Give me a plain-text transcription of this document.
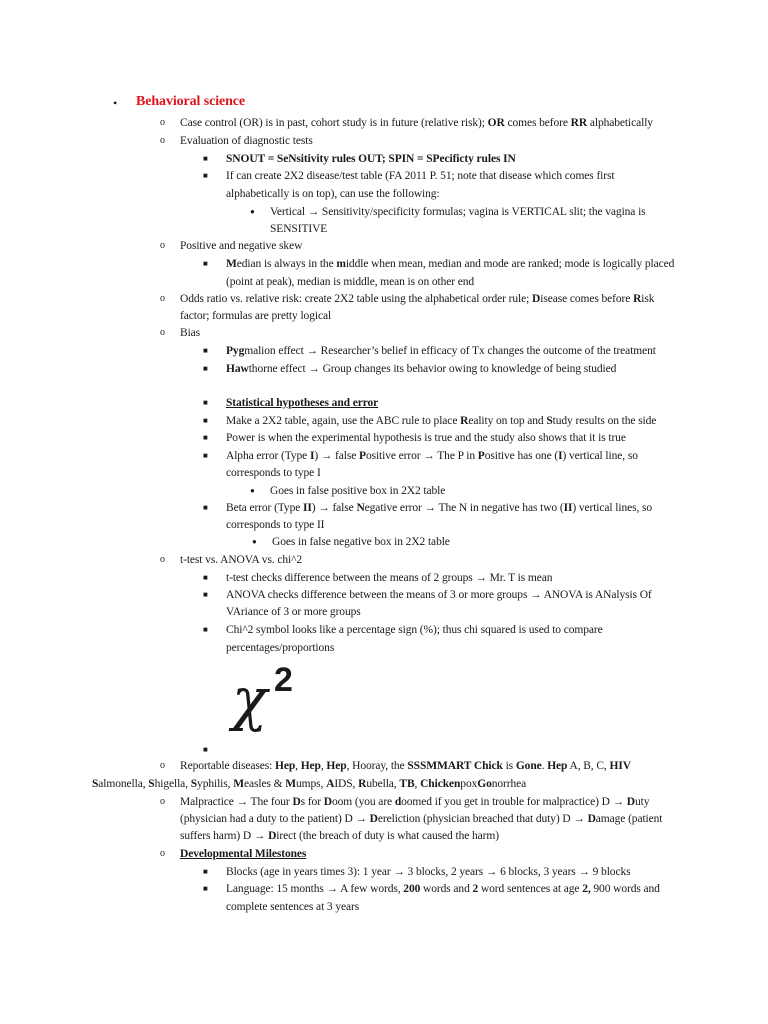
• Behavioral science
o Case control (OR) is in past, cohort study is in future (relative risk); OR comes before RR alphabetically
o Evaluation of diagnostic tests
■ SNOUT = SeNsitivity rules OUT; SPIN = SPecificty rules IN
■ If can create 2X2 disease/test table (FA 2011 P. 51; note that disease which comes first
alphabetically is on top), can use the following:
● Vertical → Sensitivity/specificity formulas; vagina is VERTICAL slit; the vagina is
SENSITIVE
o Positive and negative skew
■ Median is always in the middle when mean, median and mode are ranked; mode is logically placed
(point at peak), median is middle, mean is on other end
o Odds ratio vs. relative risk: create 2X2 table using the alphabetical order rule; Disease comes before Risk
factor; formulas are pretty logical
o Bias
■ Pygmalion effect → Researcher’s belief in efficacy of Tx changes the outcome of the treatment
■ Hawthorne effect → Group changes its behavior owing to knowledge of being studied
■ Statistical hypotheses and error
■ Make a 2X2 table, again, use the ABC rule to place Reality on top and Study results on the side
■ Power is when the experimental hypothesis is true and the study also shows that it is true
■ Alpha error (Type I) → false Positive error → The P in Positive has one (I) vertical line, so
corresponds to type I
● Goes in false positive box in 2X2 table
■ Beta error (Type II) → false Negative error → The N in negative has two (II) vertical lines, so
corresponds to type II
● Goes in false negative box in 2X2 table
o t-test vs. ANOVA vs. chi^2
■ t-test checks difference between the means of 2 groups → Mr. T is mean
■ ANOVA checks difference between the means of 3 or more groups → ANOVA is ANalysis Of
VAriance of 3 or more groups
■ Chi^2 symbol looks like a percentage sign (%); thus chi squared is used to compare
percentages/proportions
χ 2
■
o Reportable diseases: Hep, Hep, Hep, Hooray, the SSSMMART Chick is Gone. Hep A, B, C, HIV
Salmonella, Shigella, Syphilis, Measles & Mumps, AIDS, Rubella, TB, ChickenpoxGonorrhea
o Malpractice → The four Ds for Doom (you are doomed if you get in trouble for malpractice) D → Duty
(physician had a duty to the patient) D → Dereliction (physician breached that duty) D → Damage (patient
suffers harm) D → Direct (the breach of duty is what caused the harm)
o Developmental Milestones
■ Blocks (age in years times 3): 1 year → 3 blocks, 2 years → 6 blocks, 3 years → 9 blocks
■ Language: 15 months → A few words, 200 words and 2 word sentences at age 2, 900 words and
complete sentences at 3 years
